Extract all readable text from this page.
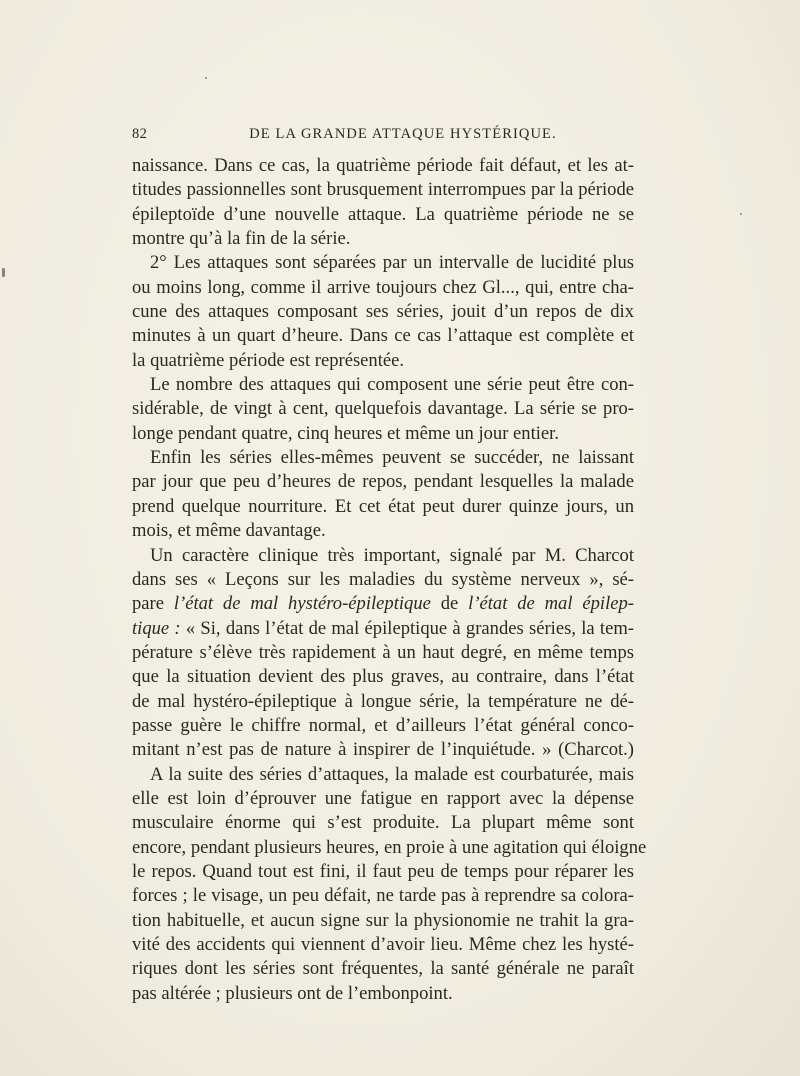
82	DE LA GRANDE ATTAQUE HYSTÉRIQUE.
naissance. Dans ce cas, la quatrième période fait défaut, et les at-
titudes passionnelles sont brusquement interrompues par la période
épileptoïde d’une nouvelle attaque. La quatrième période ne se
montre qu’à la fin de la série.
2° Les attaques sont séparées par un intervalle de lucidité plus
ou moins long, comme il arrive toujours chez Gl..., qui, entre cha-
cune des attaques composant ses séries, jouit d’un repos de dix
minutes à un quart d’heure. Dans ce cas l’attaque est complète et
la quatrième période est représentée.
Le nombre des attaques qui composent une série peut être con-
sidérable, de vingt à cent, quelquefois davantage. La série se pro-
longe pendant quatre, cinq heures et même un jour entier.
Enfin les séries elles-mêmes peuvent se succéder, ne laissant
par jour que peu d’heures de repos, pendant lesquelles la malade
prend quelque nourriture. Et cet état peut durer quinze jours, un
mois, et même davantage.
Un caractère clinique très important, signalé par M. Charcot
dans ses « Leçons sur les maladies du système nerveux », sé-
pare l’état de mal hystéro-épileptique de l’état de mal épilep-
tique : « Si, dans l’état de mal épileptique à grandes séries, la tem-
pérature s’élève très rapidement à un haut degré, en même temps
que la situation devient des plus graves, au contraire, dans l’état
de mal hystéro-épileptique à longue série, la température ne dé-
passe guère le chiffre normal, et d’ailleurs l’état général conco-
mitant n’est pas de nature à inspirer de l’inquiétude. » (Charcot.)
A la suite des séries d’attaques, la malade est courbaturée, mais
elle est loin d’éprouver une fatigue en rapport avec la dépense
musculaire énorme qui s’est produite. La plupart même sont
encore, pendant plusieurs heures, en proie à une agitation qui éloigne
le repos. Quand tout est fini, il faut peu de temps pour réparer les
forces ; le visage, un peu défait, ne tarde pas à reprendre sa colora-
tion habituelle, et aucun signe sur la physionomie ne trahit la gra-
vité des accidents qui viennent d’avoir lieu. Même chez les hysté-
riques dont les séries sont fréquentes, la santé générale ne paraît
pas altérée ; plusieurs ont de l’embonpoint.
